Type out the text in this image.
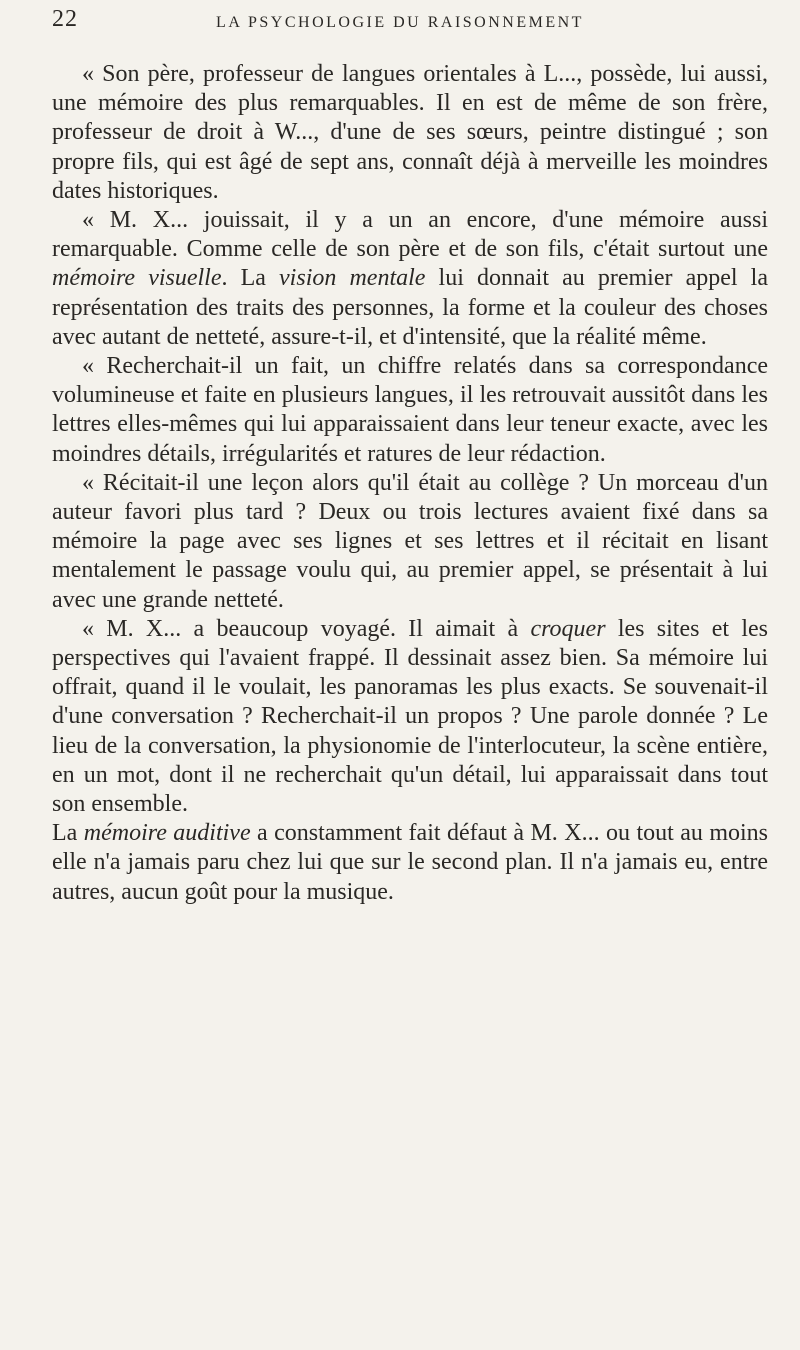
22	LA PSYCHOLOGIE DU RAISONNEMENT

« Son père, professeur de langues orientales à L..., possède, lui aussi, une mémoire des plus remarquables. Il en est de même de son frère, professeur de droit à W..., d'une de ses sœurs, peintre distingué ; son propre fils, qui est âgé de sept ans, connaît déjà à merveille les moindres dates historiques.

« M. X... jouissait, il y a un an encore, d'une mémoire aussi remarquable. Comme celle de son père et de son fils, c'était surtout une mémoire visuelle. La vision mentale lui donnait au premier appel la représentation des traits des personnes, la forme et la couleur des choses avec autant de netteté, assure-t-il, et d'intensité, que la réalité même.

« Recherchait-il un fait, un chiffre relatés dans sa correspondance volumineuse et faite en plusieurs langues, il les retrouvait aussitôt dans les lettres elles-mêmes qui lui apparaissaient dans leur teneur exacte, avec les moindres détails, irrégularités et ratures de leur rédaction.

« Récitait-il une leçon alors qu'il était au collège ? Un morceau d'un auteur favori plus tard ? Deux ou trois lectures avaient fixé dans sa mémoire la page avec ses lignes et ses lettres et il récitait en lisant mentalement le passage voulu qui, au premier appel, se présentait à lui avec une grande netteté.

« M. X... a beaucoup voyagé. Il aimait à croquer les sites et les perspectives qui l'avaient frappé. Il dessinait assez bien. Sa mémoire lui offrait, quand il le voulait, les panoramas les plus exacts. Se souvenait-il d'une conversation ? Recherchait-il un propos ? Une parole donnée ? Le lieu de la conversation, la physionomie de l'interlocuteur, la scène entière, en un mot, dont il ne recherchait qu'un détail, lui apparaissait dans tout son ensemble.

La mémoire auditive a constamment fait défaut à M. X... ou tout au moins elle n'a jamais paru chez lui que sur le second plan. Il n'a jamais eu, entre autres, aucun goût pour la musique.
